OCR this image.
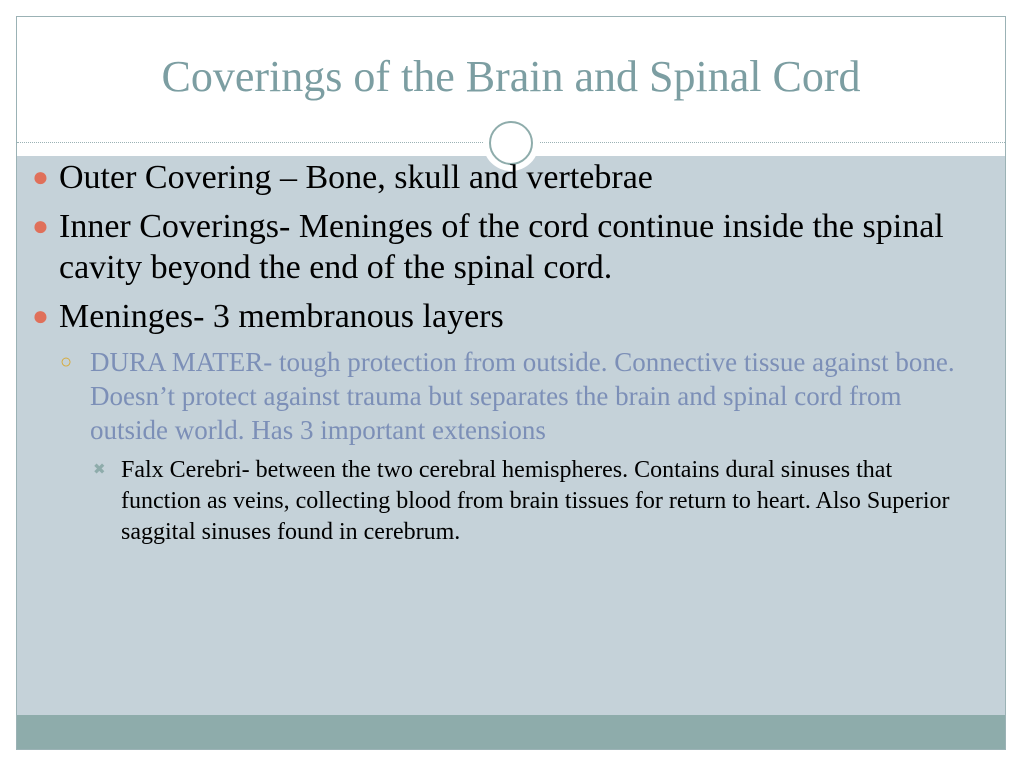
Coverings of the Brain and Spinal Cord
● Outer Covering – Bone, skull and vertebrae
● Inner Coverings- Meninges of the cord continue inside the spinal cavity beyond the end of the spinal cord.
● Meninges- 3 membranous layers
○ DURA MATER- tough protection from outside. Connective tissue against bone. Doesn’t protect against trauma but separates the brain and spinal cord from outside world. Has 3 important extensions
✖ Falx Cerebri- between the two cerebral hemispheres. Contains dural sinuses that function as veins, collecting blood from brain tissues for return to heart. Also Superior saggital sinuses found in cerebrum.
